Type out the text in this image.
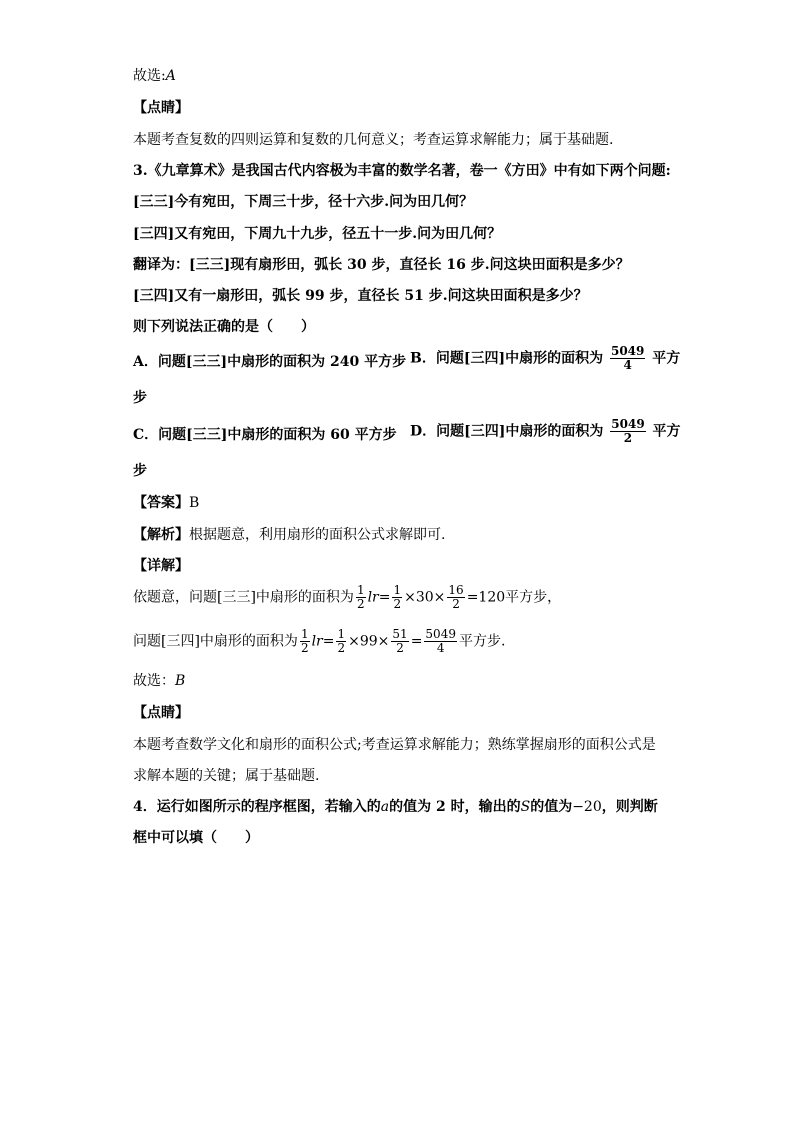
故选:A
【点睛】
本题考查复数的四则运算和复数的几何意义；考查运算求解能力；属于基础题.
3.《九章算术》是我国古代内容极为丰富的数学名著，卷一《方田》中有如下两个问题:
[三三]今有宛田，下周三十步，径十六步.问为田几何？
[三四]又有宛田，下周九十九步，径五十一步.问为田几何？
翻译为：[三三]现有扇形田，弧长 30 步，直径长 16 步.问这块田面积是多少？
[三四]又有一扇形田，弧长 99 步，直径长 51 步.问这块田面积是多少？
则下列说法正确的是（　　）
A．问题[三三]中扇形的面积为 240 平方步 B．问题[三四]中扇形的面积为 $\frac{5049}{4}$ 平方
步
C．问题[三三]中扇形的面积为 60 平方步 D．问题[三四]中扇形的面积为 $\frac{5049}{2}$ 平方
步
【答案】B
【解析】根据题意，利用扇形的面积公式求解即可.
【详解】
依题意，问题[三三]中扇形的面积为 $\frac{1}{2} lr= \frac{1}{2} \times 30\times \frac{16}{2} =120$平方步，
问题[三四]中扇形的面积为 $\frac{1}{2} lr= \frac{1}{2} \times 99\times \frac{51}{2} = \frac{5049}{4}$ 平方步.
故选：B
【点睛】
本题考查数学文化和扇形的面积公式;考查运算求解能力；熟练掌握扇形的面积公式是
求解本题的关键；属于基础题.
4．运行如图所示的程序框图，若输入的a的值为 2 时，输出的S的值为−20，则判断
框中可以填（　　）
